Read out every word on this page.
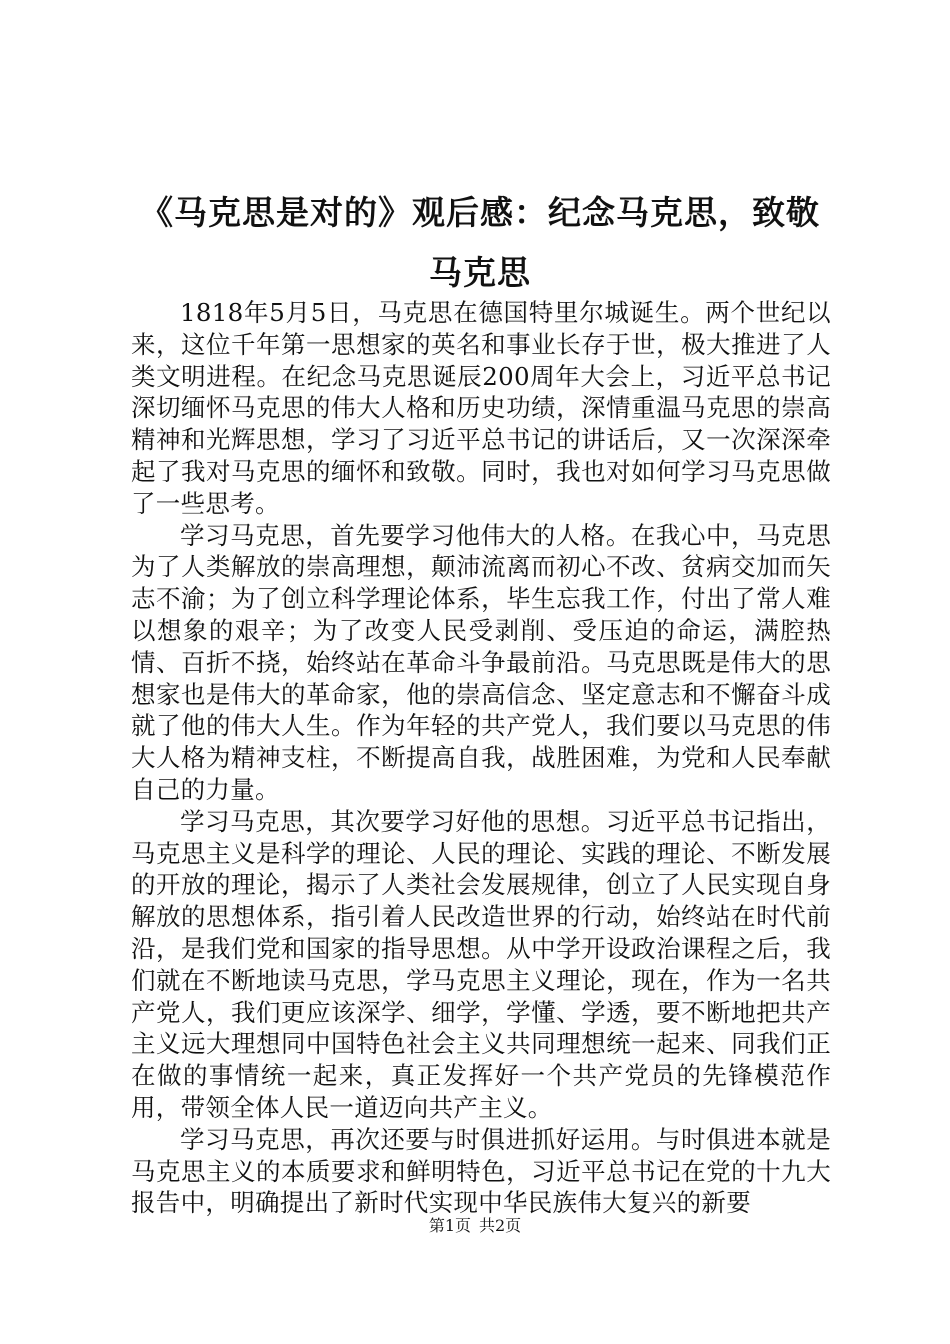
《马克思是对的》观后感：纪念马克思，致敬
马克思

1818年5月5日，马克思在德国特里尔城诞生。两个世纪以来，这位千年第一思想家的英名和事业长存于世，极大推进了人类文明进程。在纪念马克思诞辰200周年大会上，习近平总书记深切缅怀马克思的伟大人格和历史功绩，深情重温马克思的崇高精神和光辉思想，学习了习近平总书记的讲话后，又一次深深牵起了我对马克思的缅怀和致敬。同时，我也对如何学习马克思做了一些思考。

学习马克思，首先要学习他伟大的人格。在我心中，马克思为了人类解放的崇高理想，颠沛流离而初心不改、贫病交加而矢志不渝；为了创立科学理论体系，毕生忘我工作，付出了常人难以想象的艰辛；为了改变人民受剥削、受压迫的命运，满腔热情、百折不挠，始终站在革命斗争最前沿。马克思既是伟大的思想家也是伟大的革命家，他的崇高信念、坚定意志和不懈奋斗成就了他的伟大人生。作为年轻的共产党人，我们要以马克思的伟大人格为精神支柱，不断提高自我，战胜困难，为党和人民奉献自己的力量。

学习马克思，其次要学习好他的思想。习近平总书记指出，马克思主义是科学的理论、人民的理论、实践的理论、不断发展的开放的理论，揭示了人类社会发展规律，创立了人民实现自身解放的思想体系，指引着人民改造世界的行动，始终站在时代前沿，是我们党和国家的指导思想。从中学开设政治课程之后，我们就在不断地读马克思，学马克思主义理论，现在，作为一名共产党人，我们更应该深学、细学，学懂、学透，要不断地把共产主义远大理想同中国特色社会主义共同理想统一起来、同我们正在做的事情统一起来，真正发挥好一个共产党员的先锋模范作用，带领全体人民一道迈向共产主义。

学习马克思，再次还要与时俱进抓好运用。与时俱进本就是马克思主义的本质要求和鲜明特色，习近平总书记在党的十九大报告中，明确提出了新时代实现中华民族伟大复兴的新要

第1页 共2页
